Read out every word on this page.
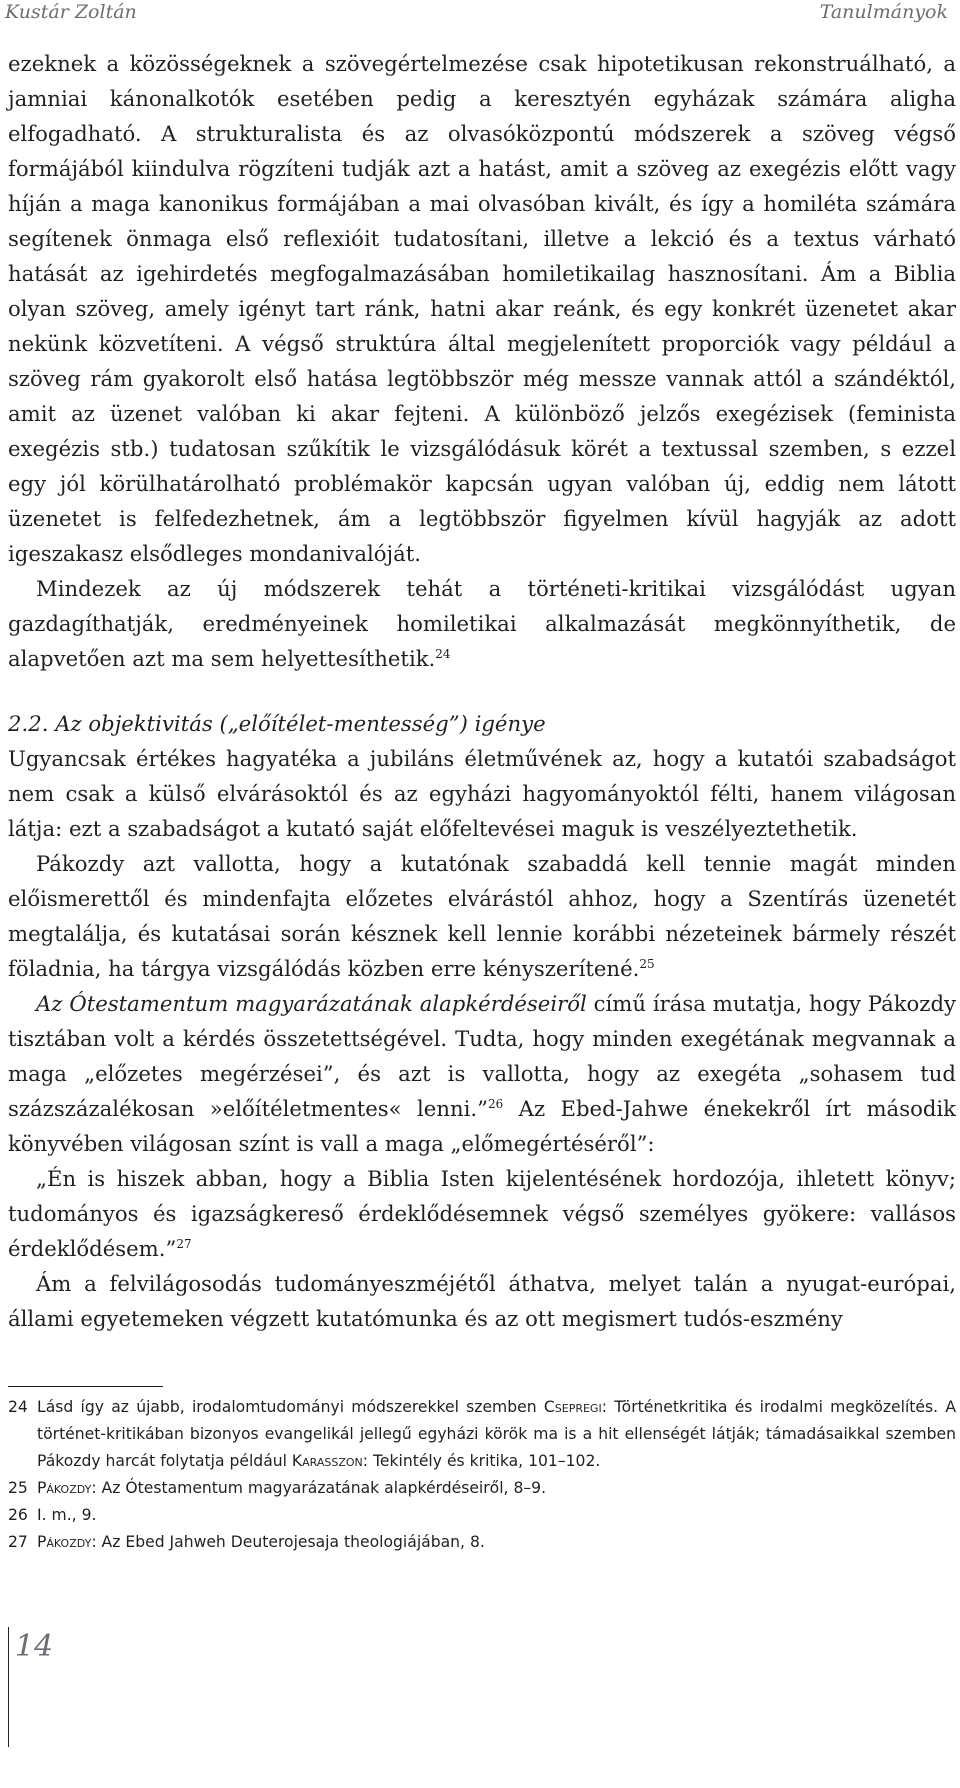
Kustár Zoltán	Tanulmányok

ezeknek a közösségeknek a szövegértelmezése csak hipotetikusan rekonstruálható, a jamniai kánonalkotók esetében pedig a keresztyén egyházak számára aligha elfogadható. A strukturalista és az olvasóközpontú módszerek a szöveg végső formájából kiindulva rögzíteni tudják azt a hatást, amit a szöveg az exegézis előtt vagy híján a maga kanonikus formájában a mai olvasóban kivált, és így a homiléta számára segítenek önmaga első reflexióit tudatosítani, illetve a lekció és a textus várható hatását az igehirdetés megfogalmazásában homiletikailag hasznosítani. Ám a Biblia olyan szöveg, amely igényt tart ránk, hatni akar reánk, és egy konkrét üzenetet akar nekünk közvetíteni. A végső struktúra által megjelenített proporciók vagy például a szöveg rám gyakorolt első hatása legtöbbször még messze vannak attól a szándéktól, amit az üzenet valóban ki akar fejteni. A különböző jelzős exegézisek (feminista exegézis stb.) tudatosan szűkítik le vizsgálódásuk körét a textussal szemben, s ezzel egy jól körülhatárolható problémakör kapcsán ugyan valóban új, eddig nem látott üzenetet is felfedezhetnek, ám a legtöbbször figyelmen kívül hagyják az adott igeszakasz elsődleges mondanivalóját.

Mindezek az új módszerek tehát a történeti-kritikai vizsgálódást ugyan gazdagíthatják, eredményeinek homiletikai alkalmazását megkönnyíthetik, de alapvetően azt ma sem helyettesíthetik.$^{24}$

2.2. Az objektivitás („előítélet-mentesség”) igénye

Ugyancsak értékes hagyatéka a jubiláns életművének az, hogy a kutatói szabadságot nem csak a külső elvárásoktól és az egyházi hagyományoktól félti, hanem világosan látja: ezt a szabadságot a kutató saját előfeltevései maguk is veszélyeztethetik.

Pákozdy azt vallotta, hogy a kutatónak szabaddá kell tennie magát minden előismerettől és mindenfajta előzetes elvárástól ahhoz, hogy a Szentírás üzenetét megtalálja, és kutatásai során késznek kell lennie korábbi nézeteinek bármely részét föladnia, ha tárgya vizsgálódás közben erre kényszerítené.$^{25}$

Az Ótestamentum magyarázatának alapkérdéseiről című írása mutatja, hogy Pákozdy tisztában volt a kérdés összetettségével. Tudta, hogy minden exegétának megvannak a maga „előzetes megérzései”, és azt is vallotta, hogy az exegéta „sohasem tud százszázalékosan »előítéletmentes« lenni.”$^{26}$ Az Ebed-Jahwe énekekről írt második könyvében világosan színt is vall a maga „előmegértéséről”:

„Én is hiszek abban, hogy a Biblia Isten kijelentésének hordozója, ihletett könyv; tudományos és igazságkereső érdeklődésemnek végső személyes gyökere: vallásos érdeklődésem.”$^{27}$

Ám a felvilágosodás tudományeszméjétől áthatva, melyet talán a nyugat-európai, állami egyetemeken végzett kutatómunka és az ott megismert tudós-eszmény

24 Lásd így az újabb, irodalomtudományi módszerekkel szemben Csepregi: Történetkritika és irodalmi megközelítés. A történet-kritikában bizonyos evangelikál jellegű egyházi körök ma is a hit ellenségét látják; támadásaikkal szemben Pákozdy harcát folytatja például Karasszon: Tekintély és kritika, 101–102.
25 Pákozdy: Az Ótestamentum magyarázatának alapkérdéseiről, 8–9.
26 I. m., 9.
27 Pákozdy: Az Ebed Jahweh Deuterojesaja theologiájában, 8.
14
